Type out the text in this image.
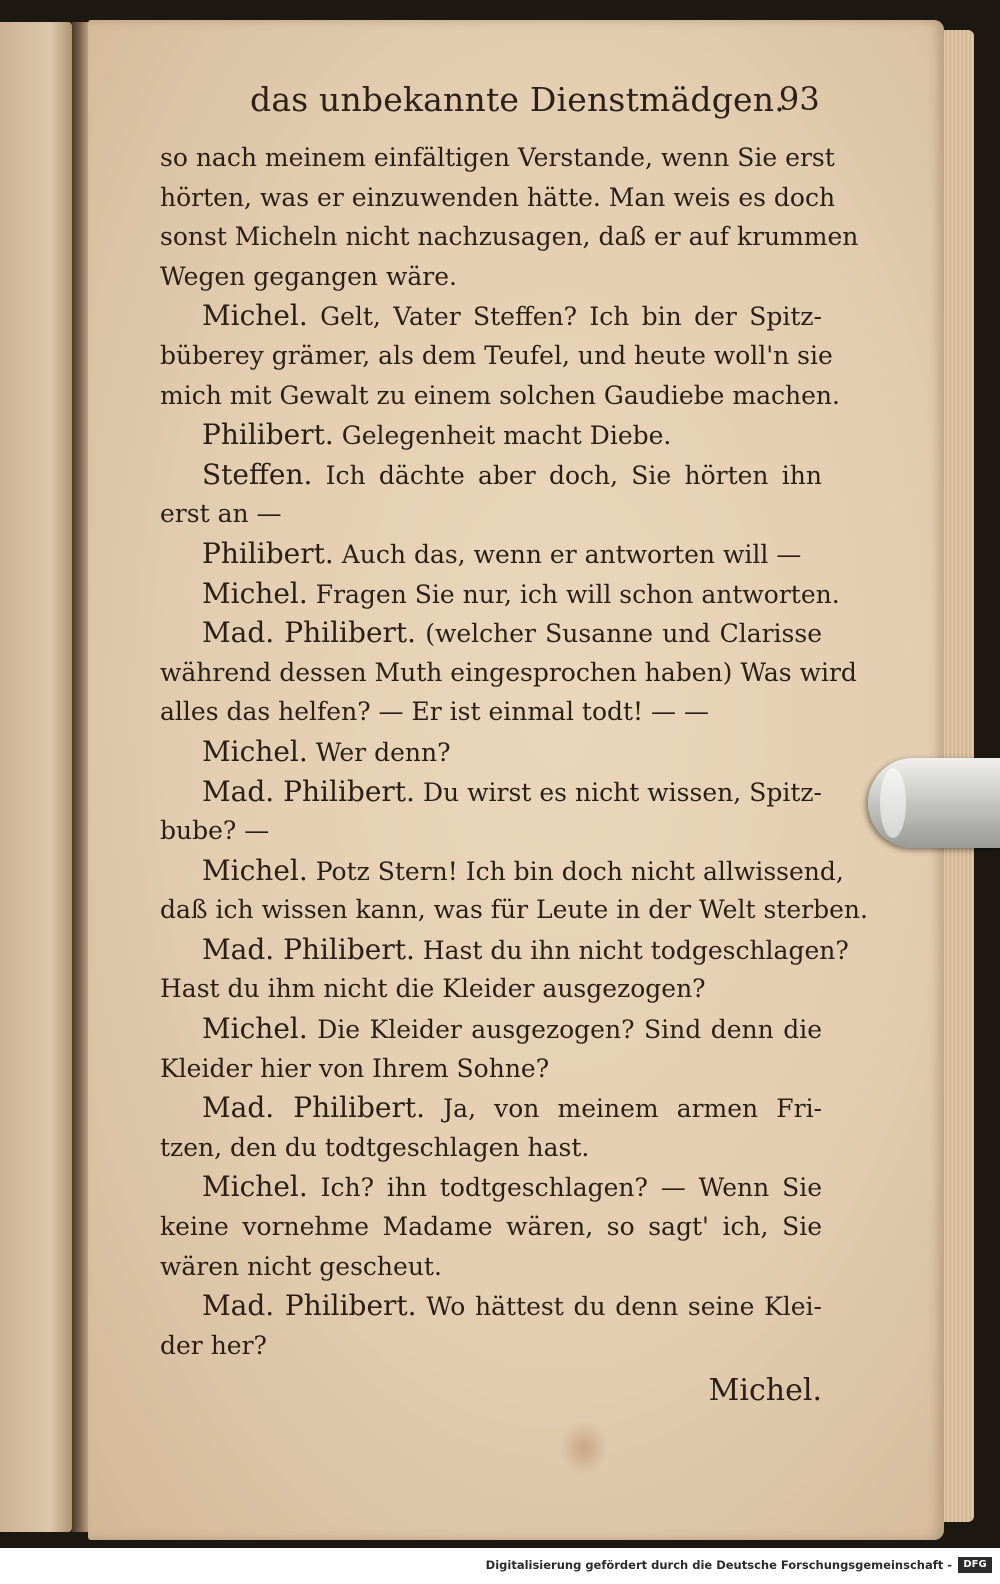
das unbekannte Dienstmädgen.
93
so nach meinem einfältigen Verstande, wenn Sie erst
hörten, was er einzuwenden hätte. Man weis es doch
sonst Micheln nicht nachzusagen, daß er auf krummen
Wegen gegangen wäre.
Michel. Gelt, Vater Steffen? Ich bin der Spitz-
büberey grämer, als dem Teufel, und heute woll'n sie
mich mit Gewalt zu einem solchen Gaudiebe machen.
Philibert. Gelegenheit macht Diebe.
Steffen. Ich dächte aber doch, Sie hörten ihn
erst an —
Philibert. Auch das, wenn er antworten will —
Michel. Fragen Sie nur, ich will schon antworten.
Mad. Philibert. (welcher Susanne und Clarisse
während dessen Muth eingesprochen haben) Was wird
alles das helfen? — Er ist einmal todt! — —
Michel. Wer denn?
Mad. Philibert. Du wirst es nicht wissen, Spitz-
bube? —
Michel. Potz Stern! Ich bin doch nicht allwissend,
daß ich wissen kann, was für Leute in der Welt sterben.
Mad. Philibert. Hast du ihn nicht todgeschlagen?
Hast du ihm nicht die Kleider ausgezogen?
Michel. Die Kleider ausgezogen? Sind denn die
Kleider hier von Ihrem Sohne?
Mad. Philibert. Ja, von meinem armen Fri-
tzen, den du todtgeschlagen hast.
Michel. Ich? ihn todtgeschlagen? — Wenn Sie
keine vornehme Madame wären, so sagt' ich, Sie
wären nicht gescheut.
Mad. Philibert. Wo hättest du denn seine Klei-
der her?
Michel.
Digitalisierung gefördert durch die Deutsche Forschungsgemeinschaft -	DFG
